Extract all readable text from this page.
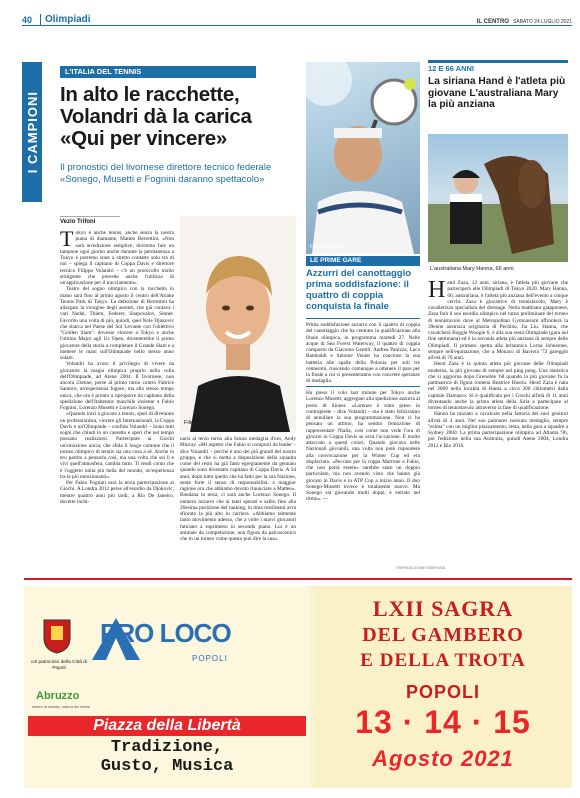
40	Olimpiadi	IL CENTRO SABATO 24 LUGLIO 2021
I CAMPIONI
L'ITALIA DEL TENNIS
In alto le racchette, Volandri dà la carica «Qui per vincere»
Il pronostici del livornese direttore tecnico federale «Sonego, Musetti e Fognini daranno spettacolo»
Vezio Trifoni
T okyo è anche tennis, anche senza la nostra punta di diamante, Matteo Berrettini. «Non sarà un'edizione semplice, dovremo fare un tampone ogni giorno anche durante la permanenza a Tokyo e potremo stare a stretto contatto solo tra di noi – spiega il capitano di Coppa Davis e direttore tecnico Filippo Volandri – c'è un protocollo molto stringente che prevede anche l'utilizzo di un'applicazione per il tracciamento».

Teatro del sogno olimpico con la racchetta in mano sarà fino al primo agosto il centro dell'Ariake Tennis Park di Tokyo. La defezione di Berrettini ha allargato la voragine degli assenti, che già contava i vari Nadal, Thiem, Federer, Shapovalov, Sinner. Favorito una volta di più, quindi, quel Nole Djokovic che sbarca nel Paese del Sol Levante con l'obiettivo "Golden Slam": dovesse vincere a Tokyo e anche l'ultimo Major agli Us Open, diventerebbe il primo giocatore della storia a completare il Grande Slam e a mettere le mani sull'Olimpiade nello stesso anno solare.

Volandri ha avuto il privilegio di vivere da giocatore la magia olimpica proprio nella culla dell'Olimpiade, ad Atene 2004. Il livornese, non ancora 23enne, perse al primo turno contro Fabrice Santoro, un'esperienza fugace, ma allo stesso tempo unica, che ora è pronto a riproporre da capitano della spedizione dell'Italtennis maschile insieme a Fabio Fognini, Lorenzo Musetti e Lorenzo Sonego.

«Quando inizi a giocare a tennis, speri di diventare un professionista, vincere gli Internazionali, la Coppa Davis e un'Olimpiade – confida Volandri – Sono tutti sogni che chiudi in un cassetto e speri che nel tempo possano realizzarsi. Partecipare ai Giochi un'emozione unica, che sfida il luogo comune che il torneo olimpico di tennis sia una cosa a sé. Anche io ero partito a pensarla così, ma una volta che sei lì e vivi quell'atmosfera, cambia tutto. Ti rendi conto che è l'oggetto unità più bella del mondo, un'esperienza tra le più emozionanti».

Per Fabio Fognini sarà la terza partecipazione ai Giochi. A Londra 2012 perse all'esordio da Djokovic, mentre quattro anni più tardi, a Rio De Janeiro, dovette inchi-

Filippo Volandri

narsi al terzo turno alla futura medaglia d'oro, Andy Murray. «Mi aspetto che Fabio si comporti da leader – dice Volandri – perché è uno dei più grandi del nostro gruppo, e che si metta a disposizione della squadra come del resto ha già fatto egregiamente da gennaio quando sono diventato capitano di Coppa Davis. A 34 anni, dopo tutto quello che ha fatto per la sua Nazione, sente forte il senso di responsabilità, a maggior ragione ora che abbiamo dovuto rinunciare a Matteo». Bandana in testa, ci sarà anche Lorenzo Sonego. Il numero azzurro che ai tanti sperati e salito fino alla 26esima posizione del ranking, in tima restiluenti avrà sfiorato la più alto in carriera. «Abbiamo talmente tanto movimento adesso, che a volte i nuovi giocatori faticano a esprimersi in secondo piano. Lui è un animale da competizione, una figura da palcoscenico che in un torneo come questo può dire la sua».

Fabio Fognini
LE PRIME GARE
Azzurri del canottaggio prima soddisfazione: il quattro di coppia conquista la finale

Prima soddisfazione azzurra con il quattro di coppia del canottaggio che ha centrato la qualificazione alla finale olimpica, in programma martedì 27. Nelle acque di Sea Forest Waterway, il quattro di coppia composto da Giacomo Gentili, Andrea Panizza, Luca Rambaldi e Simone Venier ha concluso la sua batteria alle spalle della Polonia per soli tre centesimi, riuscendo comunque a ottenere il pass per la finale a cui si presenteranno con concrete speranze di medaglia.

Ha preso il volo last minute per Tokyo anche Lorenzo Musetti, aggregato alla spedizione azzurra al posto di Sinner. «Lorenzo è stato preso in contropiede – dice Volandri – ma è stato felicissimo di annullare la sua programmazione. Non ci ha pensato un attimo, ha sentito l'emozione di rappresentare l'Italia, così come non vede l'ora di giocare in Coppa Davis se avrà l'occasione. È molto attaccato a questi colori. Quando giocava nelle Nazionali giovanili, una volta non potè rispondere alla convocazione per la Winter Cup ed era dispiaciuto. «Peccato per la coppa Marrone e Fabio, che non potrà essere» sarebbe stato un doppio particolare, ma non avendo visto che hanno già giocato in Davis e in ATP Cup a inizio anno. Il duo Sonego-Musetti invece è totalmente nuovo. Ma Sonego sta giocando molti doppi, è entrato nel ritmo». ---

©RIPRODUZIONE RISERVATA
12 E 66 ANNI
La siriana Hand è l'atleta più giovane L'australiana Mary la più anziana
L'australiana Mary Hanna, 66 anni
H end Zaza, 12 anni, siriana, è l'atleta più giovane che parteciperà alle Olimpiadi di Tokyo 2020. Mary Hanna, 66, australiana, è l'atleta più anziana dell'evento a cinque cerchi. Zaza è giocatrice di tennistavolo, Mary è cavallerizza specialista del dressage. Nella mattinata giapponese, Zaza farà il suo esordio olimpico nel turno preliminare del torneo di tennistavolo dove al Metropolitan Gymnasium affronterà la 39enne austriaca originaria di Pechino, Jia Liu. Hanna, che cavalcherà Boggie Woogie 6, è alla sua sesta Olimpiade (gara nel fine settimana) ed è la seconda atleta più anziana di sempre delle Olimpiadi. Il primato spetta alla britannica Lorna Johnstone, sempre nell'equitazione, che a Monaco di Baviera '72 gareggiò all'età di 70 anni.

Hend Zaza è la quinta atleta più giovane delle Olimpiadi moderna, la più giovane di sempre nel ping pong. Una statistica che si aggiorna dopo Grenoble '68 quando la più giovane fu la pattinatrice di figura romena Beatrice Hustiu. Hend Zaza è nata nel 2009 nella località di Hama a circa 200 chilometri dalla capitale Damasco. Si è qualificata per i Giochi all'età di 11 anni diventando anche la prima atleta della Siria a partecipare al torneo di tennistavolo attraverso la fase di qualificazione.

Hanna ha iniziato a cavalcare nella fattoria dei suoi genitori all'età di 4 anni. Nel suo palmares nessuna medaglia, sempre "esima" con un miglior piazzamento, sesta, nella gara a squadre a Sydney 2000. La prima partecipazione olimpica ad Atlanta '96, poi l'edizione nella sua Australia, quindi Atene 2004, Londra 2012 e Rio 2016.

col patrocinio della Città di Popoli
PRO LOCO
POPOLI
Abruzzo
vivere la natura, natura da vivere
Piazza della Libertà
Tradizione,
Gusto, Musica
LXII SAGRA
DEL GAMBERO
E DELLA TROTA
POPOLI
13 · 14 · 15
Agosto 2021
